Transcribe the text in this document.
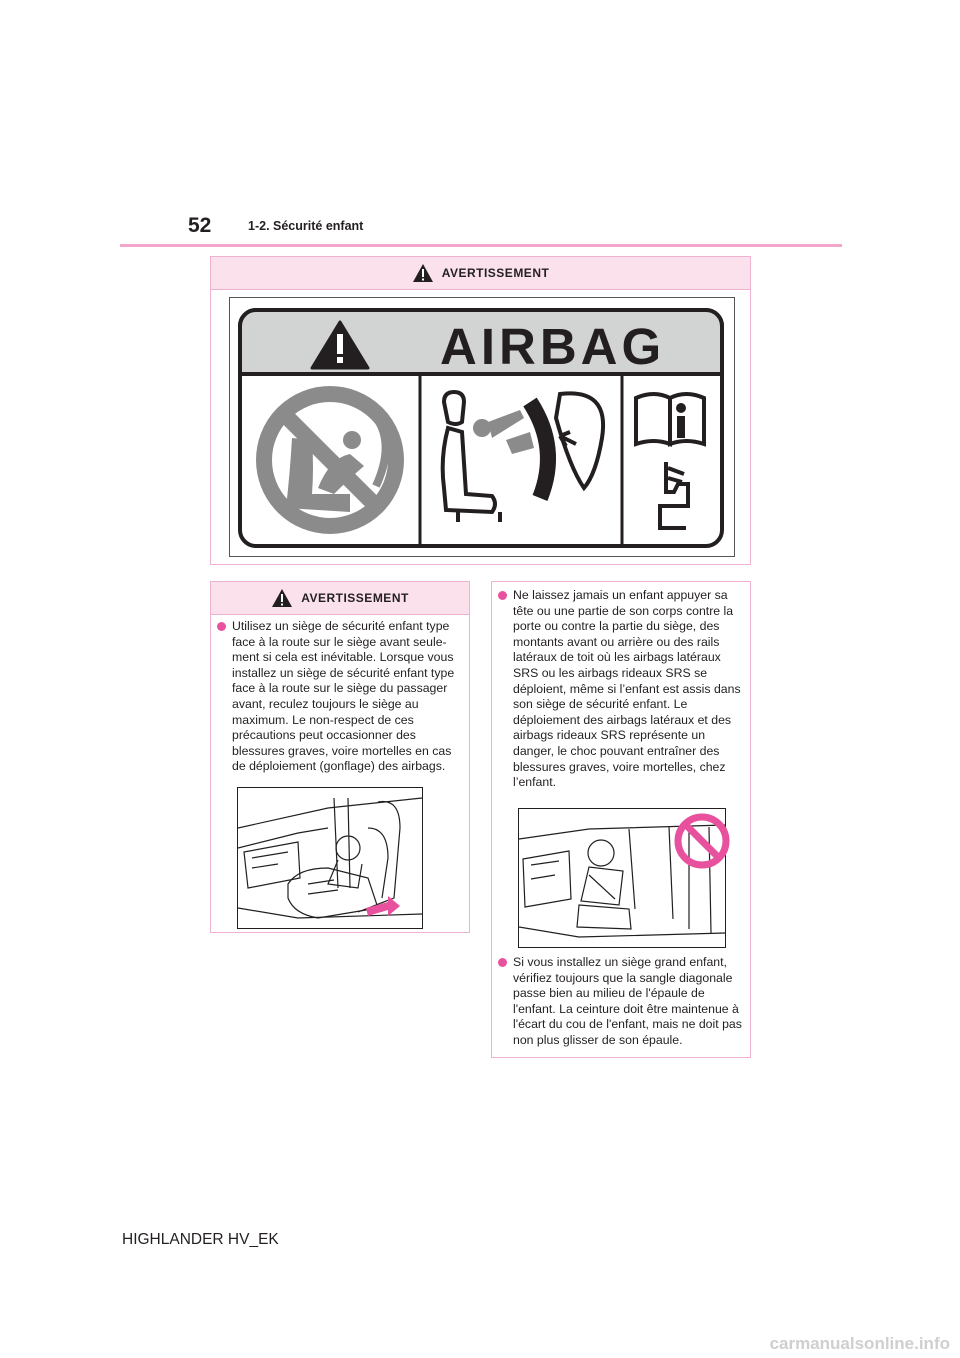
52	1-2. Sécurité enfant
AVERTISSEMENT
AIRBAG
AVERTISSEMENT
Utilisez un siège de sécurité enfant type face à la route sur le siège avant seule-ment si cela est inévitable. Lorsque vous installez un siège de sécurité enfant type face à la route sur le siège du passager avant, reculez toujours le siège au maximum. Le non-respect de ces précautions peut occasionner des blessures graves, voire mortelles en cas de déploiement (gonflage) des airbags.
Ne laissez jamais un enfant appuyer sa tête ou une partie de son corps contre la porte ou contre la partie du siège, des montants avant ou arrière ou des rails latéraux de toit où les airbags latéraux SRS ou les airbags rideaux SRS se déploient, même si l’enfant est assis dans son siège de sécurité enfant. Le déploiement des airbags latéraux et des airbags rideaux SRS représente un danger, le choc pouvant entraîner des blessures graves, voire mortelles, chez l’enfant.
Si vous installez un siège grand enfant, vérifiez toujours que la sangle diagonale passe bien au milieu de l'épaule de l'enfant. La ceinture doit être maintenue à l'écart du cou de l'enfant, mais ne doit pas non plus glisser de son épaule.
HIGHLANDER HV_EK
carmanualsonline.info
